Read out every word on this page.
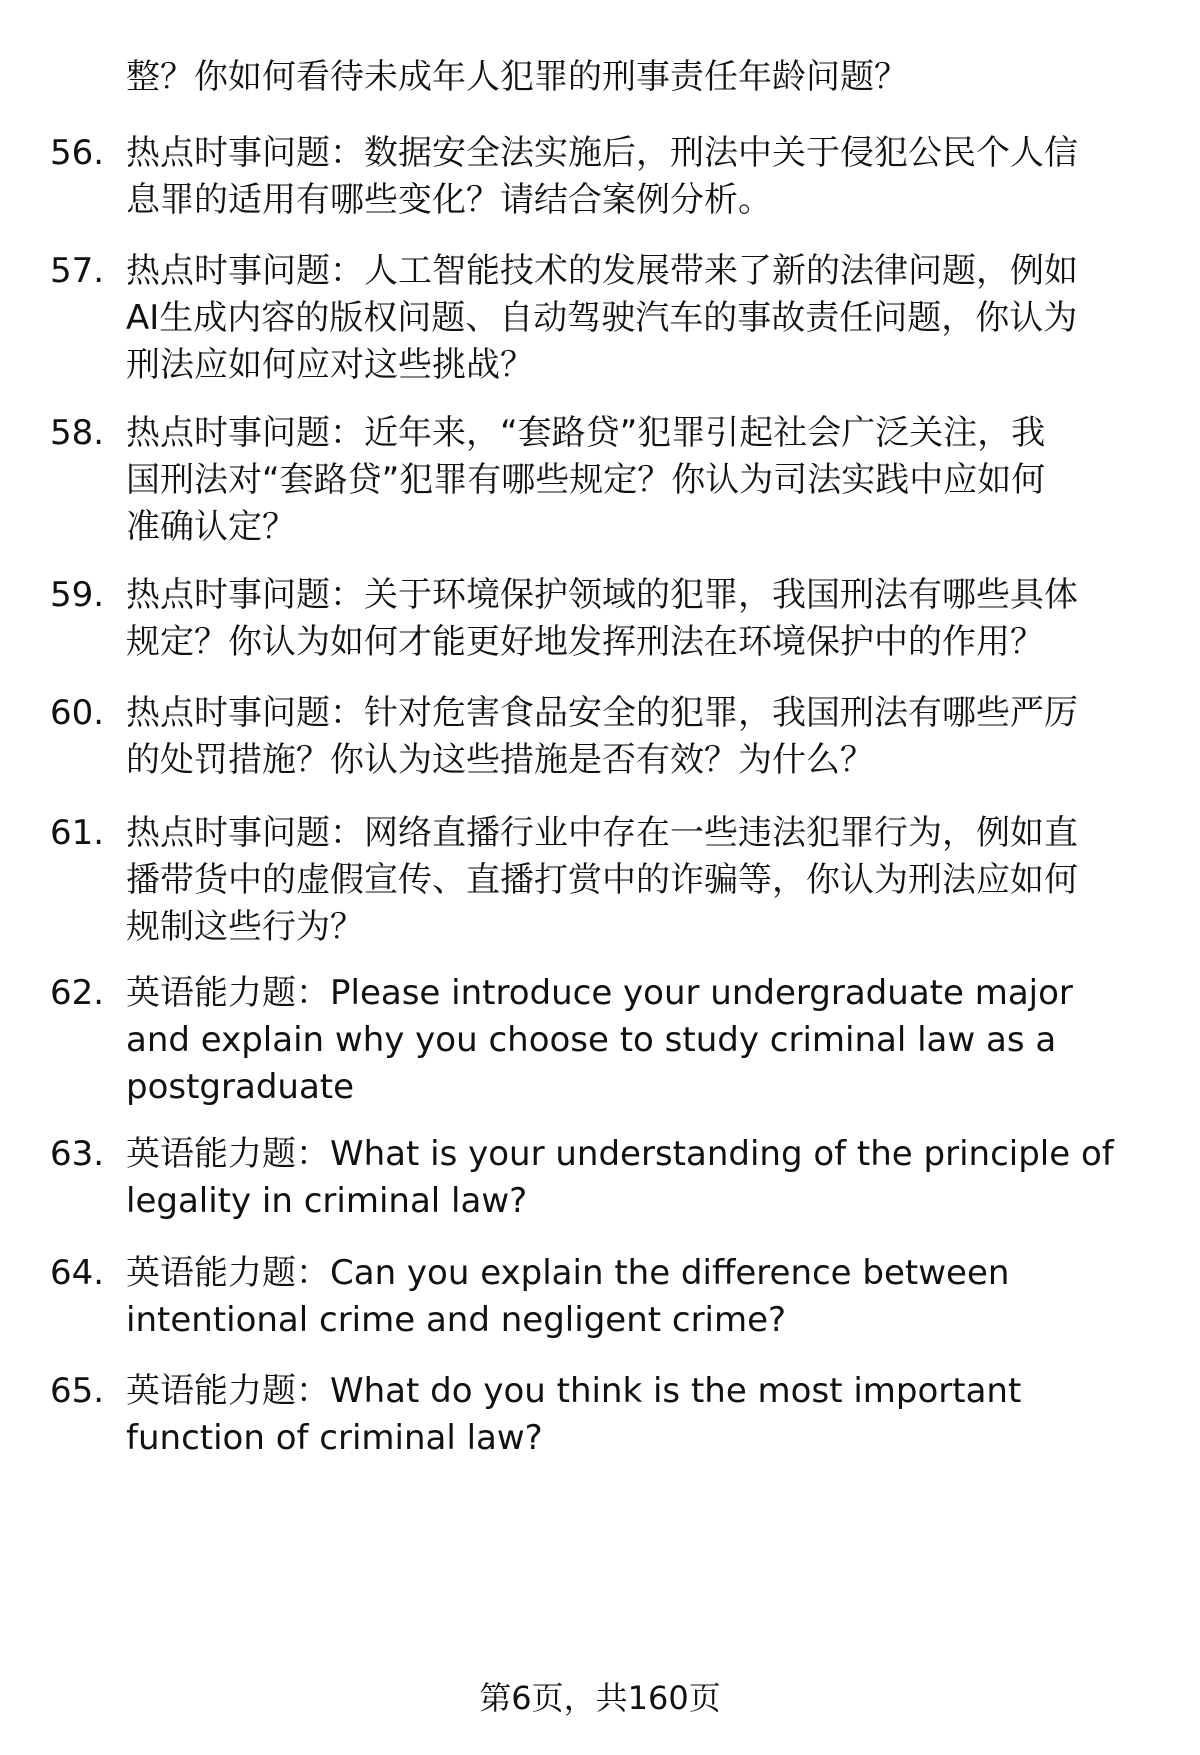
整？你如何看待未成年人犯罪的刑事责任年龄问题？
56. 热点时事问题：数据安全法实施后，刑法中关于侵犯公民个人信
息罪的适用有哪些变化？请结合案例分析。
57. 热点时事问题：人工智能技术的发展带来了新的法律问题，例如
AI生成内容的版权问题、自动驾驶汽车的事故责任问题，你认为
刑法应如何应对这些挑战？
58. 热点时事问题：近年来，“套路贷”犯罪引起社会广泛关注，我
国刑法对“套路贷”犯罪有哪些规定？你认为司法实践中应如何
准确认定？
59. 热点时事问题：关于环境保护领域的犯罪，我国刑法有哪些具体
规定？你认为如何才能更好地发挥刑法在环境保护中的作用？
60. 热点时事问题：针对危害食品安全的犯罪，我国刑法有哪些严厉
的处罚措施？你认为这些措施是否有效？为什么？
61. 热点时事问题：网络直播行业中存在一些违法犯罪行为，例如直
播带货中的虚假宣传、直播打赏中的诈骗等，你认为刑法应如何
规制这些行为？
62. 英语能力题：Please introduce your undergraduate major
and explain why you choose to study criminal law as a
postgraduate
63. 英语能力题：What is your understanding of the principle of
legality in criminal law?
64. 英语能力题：Can you explain the difference between
intentional crime and negligent crime?
65. 英语能力题：What do you think is the most important
function of criminal law?
第6页，共160页
